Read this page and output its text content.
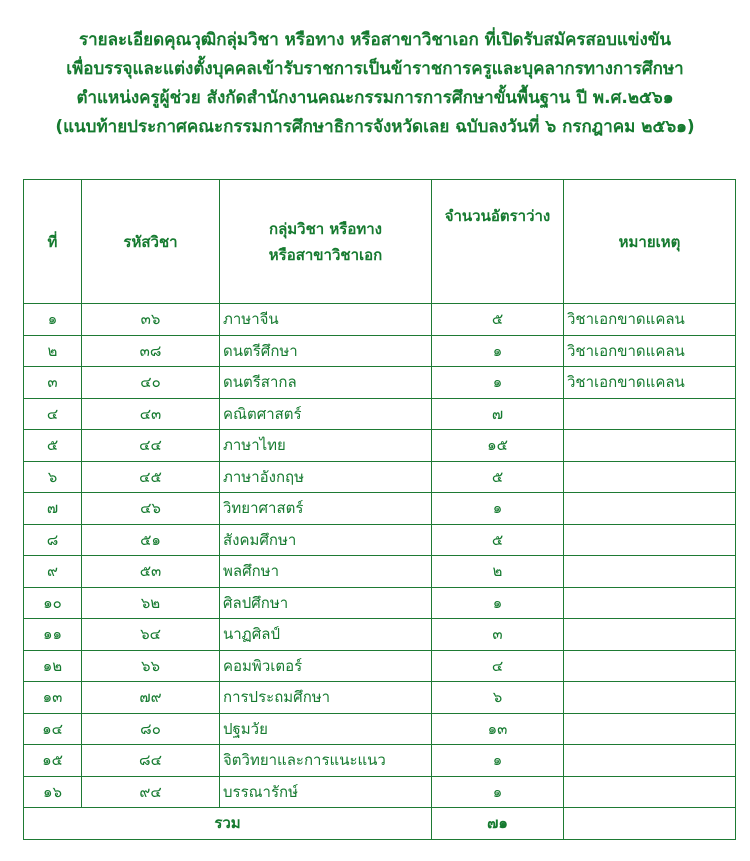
รายละเอียดคุณวุฒิกลุ่มวิชา หรือทาง หรือสาขาวิชาเอก ที่เปิดรับสมัครสอบแข่งขัน
เพื่อบรรจุและแต่งตั้งบุคคลเข้ารับราชการเป็นข้าราชการครูและบุคลากรทางการศึกษา
ตำแหน่งครูผู้ช่วย สังกัดสำนักงานคณะกรรมการการศึกษาขั้นพื้นฐาน ปี พ.ศ.๒๕๖๑
(แนบท้ายประกาศคณะกรรมการศึกษาธิการจังหวัดเลย ฉบับลงวันที่ ๖ กรกฎาคม ๒๕๖๑)
ที่	รหัสวิชา	กลุ่มวิชา หรือทาง
หรือสาขาวิชาเอก	จำนวนอัตราว่าง	หมายเหตุ
๑	๓๖	ภาษาจีน	๕	วิชาเอกขาดแคลน
๒	๓๘	ดนตรีศึกษา	๑	วิชาเอกขาดแคลน
๓	๔๐	ดนตรีสากล	๑	วิชาเอกขาดแคลน
๔	๔๓	คณิตศาสตร์	๗	
๕	๔๔	ภาษาไทย	๑๕	
๖	๔๕	ภาษาอังกฤษ	๕	
๗	๔๖	วิทยาศาสตร์	๑	
๘	๕๑	สังคมศึกษา	๕	
๙	๕๓	พลศึกษา	๒	
๑๐	๖๒	ศิลปศึกษา	๑	
๑๑	๖๔	นาฏศิลป์	๓	
๑๒	๖๖	คอมพิวเตอร์	๔	
๑๓	๗๙	การประถมศึกษา	๖	
๑๔	๘๐	ปฐมวัย	๑๓	
๑๕	๘๔	จิตวิทยาและการแนะแนว	๑	
๑๖	๙๔	บรรณารักษ์	๑	
รวม			๗๑	
